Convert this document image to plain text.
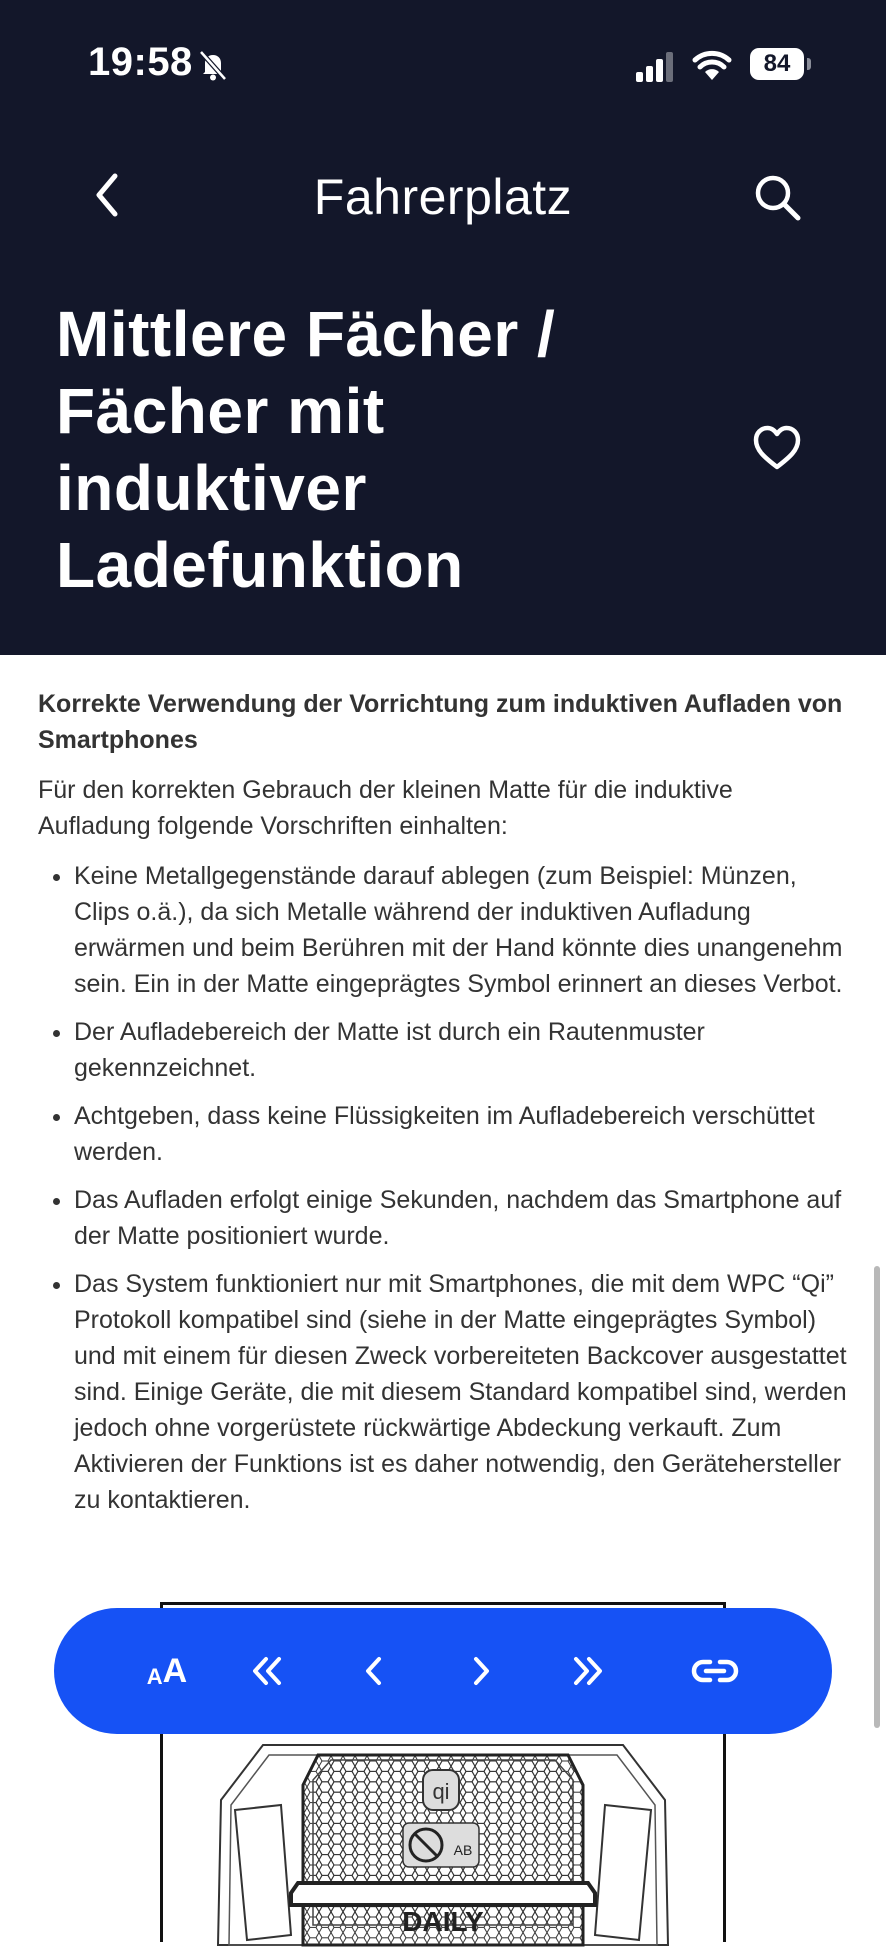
19:58	84
Fahrerplatz
Mittlere Fächer / Fächer mit induktiver Ladefunktion

Korrekte Verwendung der Vorrichtung zum induktiven Aufladen von Smartphones

Für den korrekten Gebrauch der kleinen Matte für die induktive Aufladung folgende Vorschriften einhalten:

• Keine Metallgegenstände darauf ablegen (zum Beispiel: Münzen, Clips o.ä.), da sich Metalle während der induktiven Aufladung erwärmen und beim Berühren mit der Hand könnte dies unangenehm sein. Ein in der Matte eingeprägtes Symbol erinnert an dieses Verbot.
• Der Aufladebereich der Matte ist durch ein Rautenmuster gekennzeichnet.
• Achtgeben, dass keine Flüssigkeiten im Aufladebereich verschüttet werden.
• Das Aufladen erfolgt einige Sekunden, nachdem das Smartphone auf der Matte positioniert wurde.
• Das System funktioniert nur mit Smartphones, die mit dem WPC “Qi” Protokoll kompatibel sind (siehe in der Matte eingeprägtes Symbol) und mit einem für diesen Zweck vorbereiteten Backcover ausgestattet sind. Einige Geräte, die mit diesem Standard kompatibel sind, werden jedoch ohne vorgerüstete rückwärtige Abdeckung verkauft. Zum Aktivieren der Funktions ist es daher notwendig, den Gerätehersteller zu kontaktieren.
qi
AB
DAILY
A A
